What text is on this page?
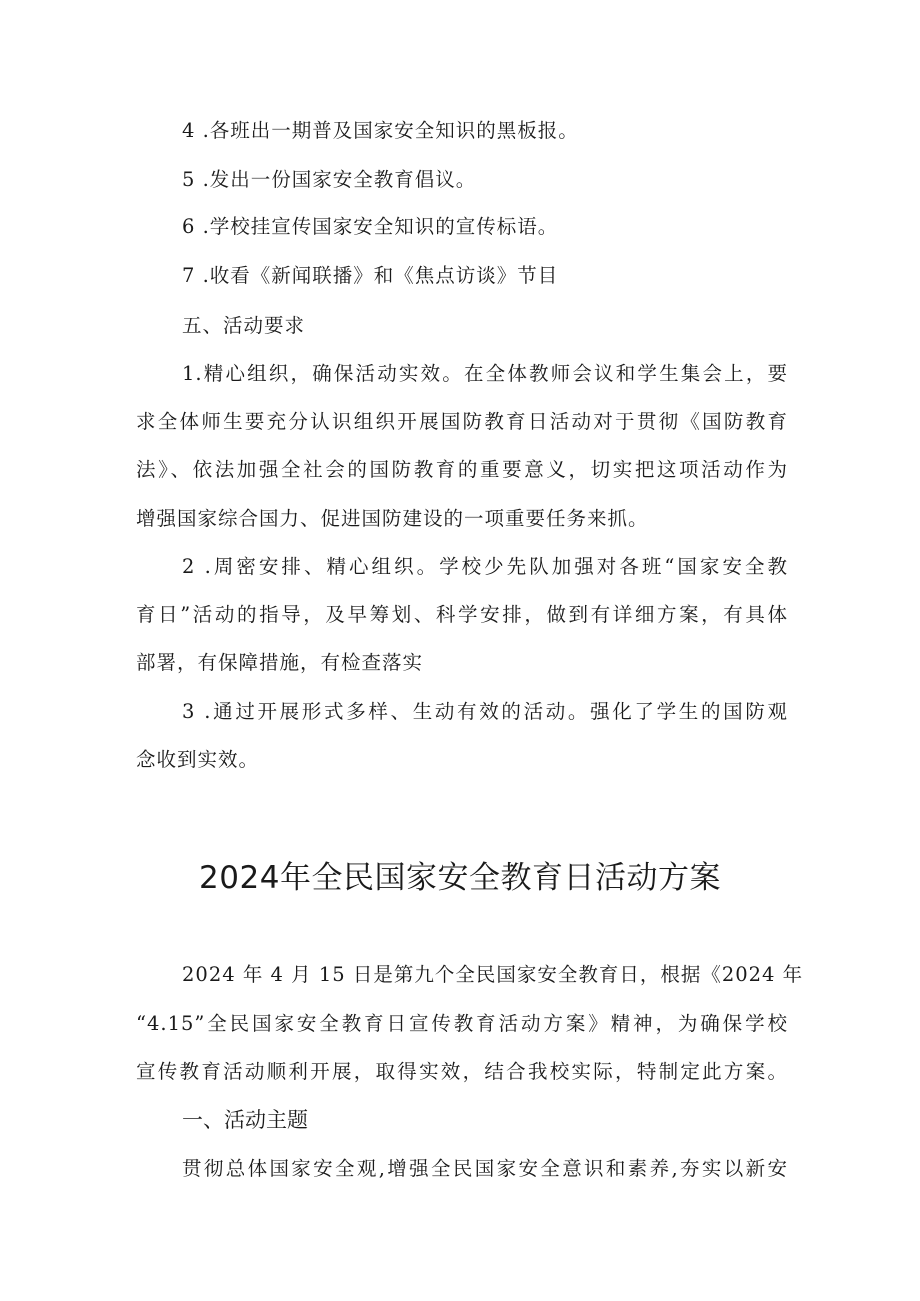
4 .各班出一期普及国家安全知识的黑板报。
5 .发出一份国家安全教育倡议。
6 .学校挂宣传国家安全知识的宣传标语。
7 .收看《新闻联播》和《焦点访谈》节目
五、活动要求
1.精心组织，确保活动实效。在全体教师会议和学生集会上，要
求全体师生要充分认识组织开展国防教育日活动对于贯彻《国防教育
法》、依法加强全社会的国防教育的重要意义，切实把这项活动作为
增强国家综合国力、促进国防建设的一项重要任务来抓。
2 .周密安排、精心组织。学校少先队加强对各班“国家安全教
育日”活动的指导，及早筹划、科学安排，做到有详细方案，有具体
部署，有保障措施，有检查落实
3 .通过开展形式多样、生动有效的活动。强化了学生的国防观
念收到实效。
2024年全民国家安全教育日活动方案
2024 年 4 月 15 日是第九个全民国家安全教育日，根据《2024 年
“4.15”全民国家安全教育日宣传教育活动方案》精神，为确保学校
宣传教育活动顺利开展，取得实效，结合我校实际，特制定此方案。
一、活动主题
贯彻总体国家安全观,增强全民国家安全意识和素养,夯实以新安
